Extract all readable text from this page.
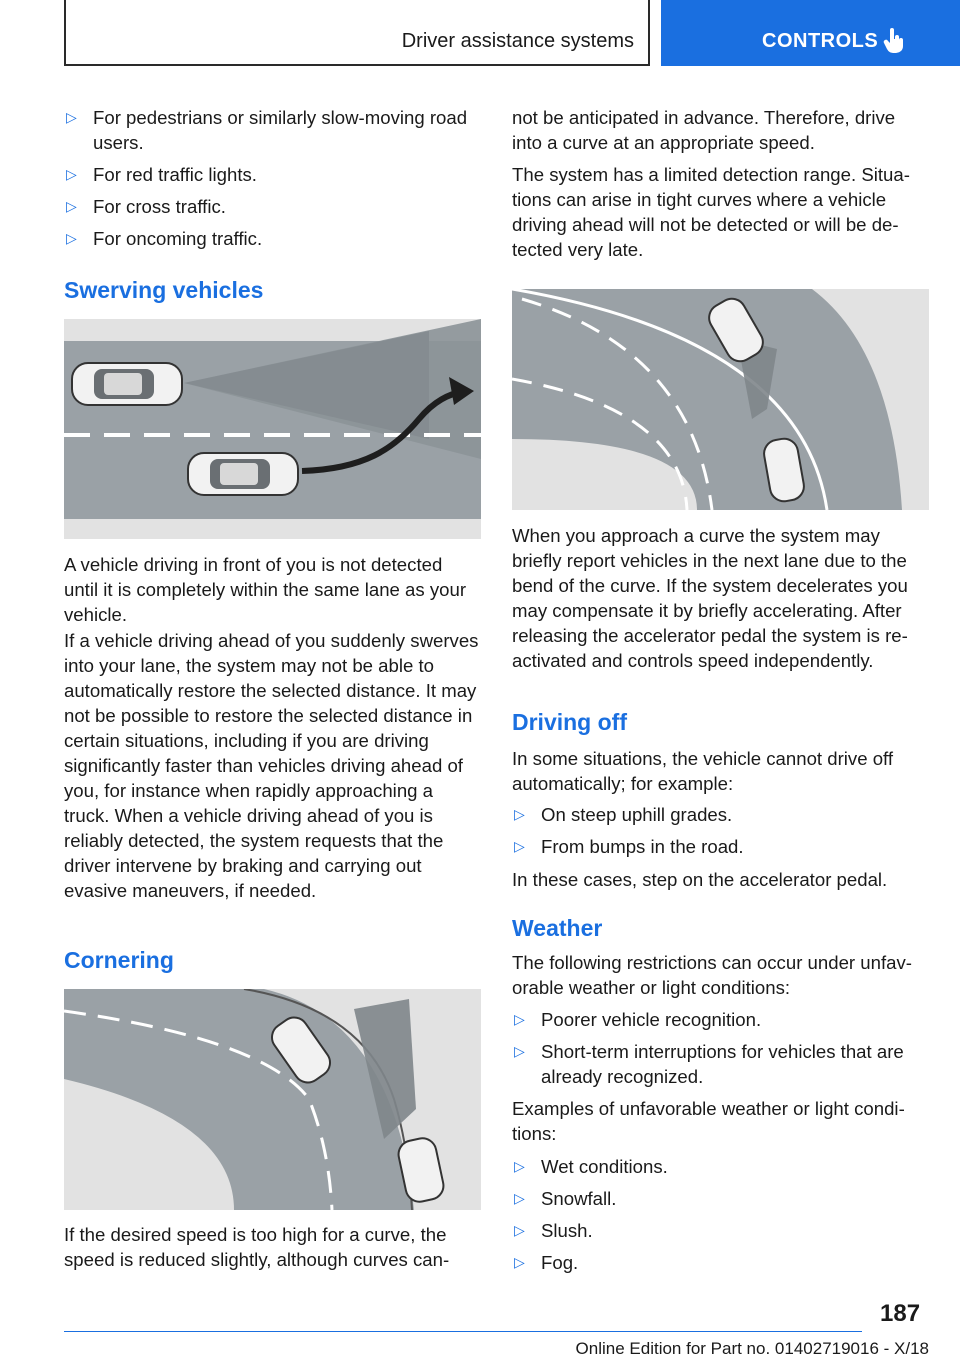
Driver assistance systems	CONTROLS
▷ For pedestrians or similarly slow-moving road users.
▷ For red traffic lights.
▷ For cross traffic.
▷ For oncoming traffic.
Swerving vehicles

A vehicle driving in front of you is not detected until it is completely within the same lane as your vehicle.

If a vehicle driving ahead of you suddenly swerves into your lane, the system may not be able to automatically restore the selected distance. It may not be possible to restore the selected distance in certain situations, including if you are driving significantly faster than vehicles driving ahead of you, for instance when rapidly approaching a truck. When a vehicle driving ahead of you is reliably detected, the system requests that the driver intervene by braking and carrying out evasive maneuvers, if needed.

Cornering

If the desired speed is too high for a curve, the speed is reduced slightly, although curves can-

not be anticipated in advance. Therefore, drive into a curve at an appropriate speed.

The system has a limited detection range. Situations can arise in tight curves where a vehicle driving ahead will not be detected or will be detected very late.

When you approach a curve the system may briefly report vehicles in the next lane due to the bend of the curve. If the system decelerates you may compensate it by briefly accelerating. After releasing the accelerator pedal the system is reactivated and controls speed independently.

Driving off

In some situations, the vehicle cannot drive off automatically; for example:

▷ On steep uphill grades.
▷ From bumps in the road.

In these cases, step on the accelerator pedal.

Weather

The following restrictions can occur under unfavorable weather or light conditions:

▷ Poorer vehicle recognition.
▷ Short-term interruptions for vehicles that are already recognized.

Examples of unfavorable weather or light conditions:

▷ Wet conditions.
▷ Snowfall.
▷ Slush.
▷ Fog.
187
Online Edition for Part no. 01402719016 - X/18
